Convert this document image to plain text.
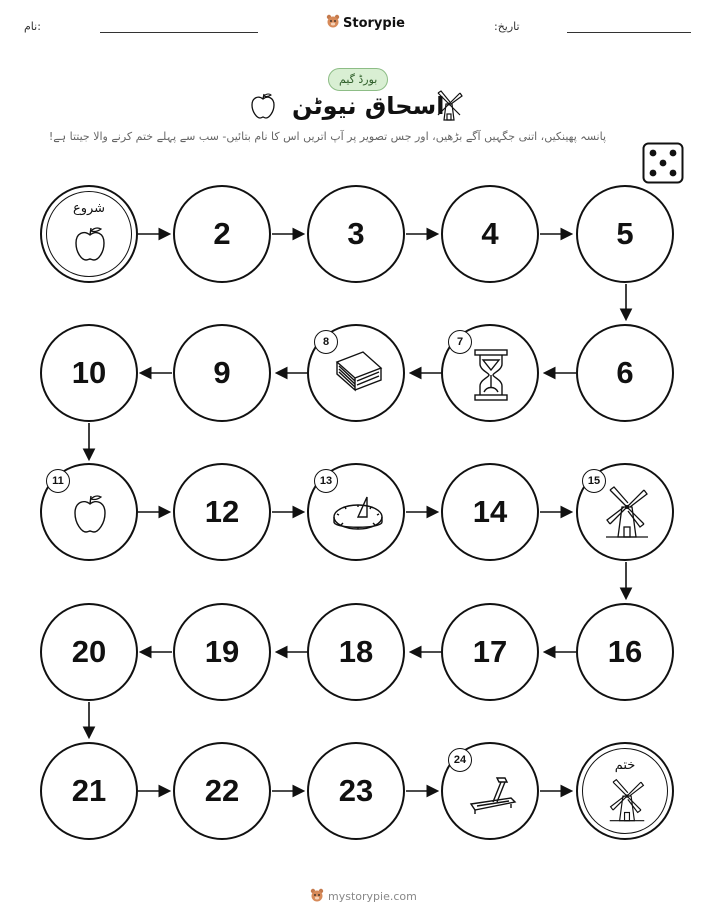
نام:	Storypie	تاریخ:
بورڈ گیم
اسحاق نیوٹن
پانسہ پھینکیں، اتنی جگہیں آگے بڑھیں، اور جس تصویر پر آپ اتریں اس کا نام بتائیں- سب سے پہلے ختم کرنے والا جیتتا ہے!
شروع
2	3	4	5
10	9
8	7
6
11
12
13
14
15
20	19	18	17	16
21	22	23
24	ختم
mystorypie.com
